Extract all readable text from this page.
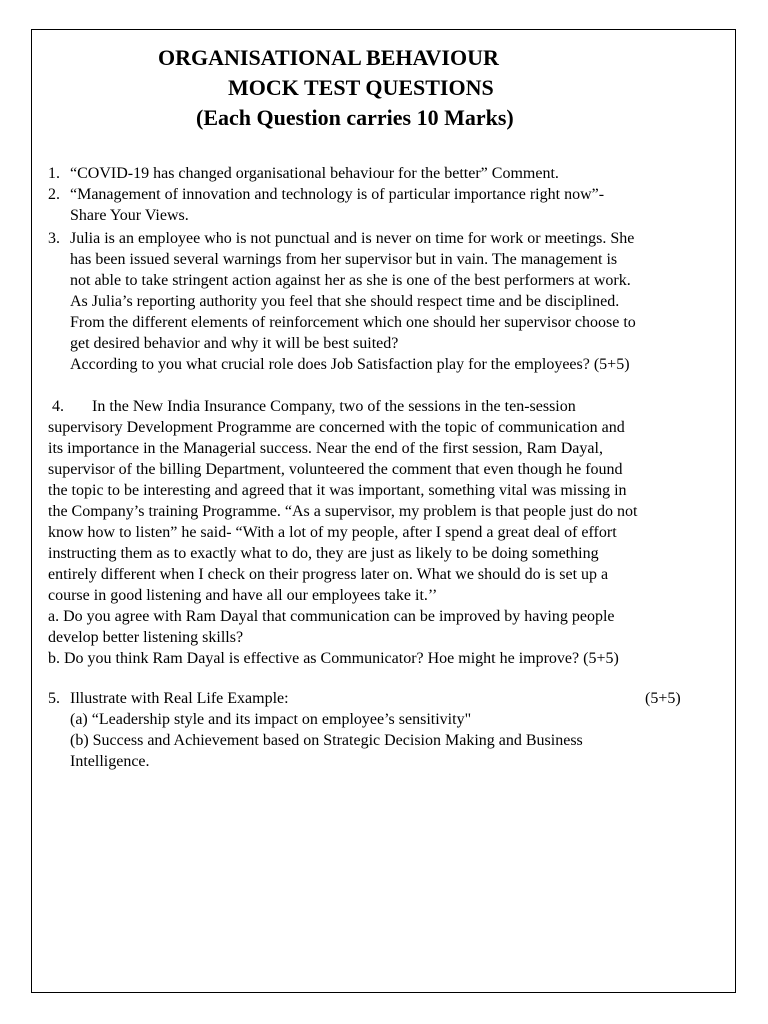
ORGANISATIONAL BEHAVIOUR
MOCK TEST QUESTIONS
(Each Question carries 10 Marks)
1. “COVID-19 has changed organisational behaviour for the better” Comment.
2. “Management of innovation and technology is of particular importance right now”-
Share Your Views.
3. Julia is an employee who is not punctual and is never on time for work or meetings. She
has been issued several warnings from her supervisor but in vain. The management is
not able to take stringent action against her as she is one of the best performers at work.
As Julia’s reporting authority you feel that she should respect time and be disciplined.
From the different elements of reinforcement which one should her supervisor choose to
get desired behavior and why it will be best suited?
According to you what crucial role does Job Satisfaction play for the employees? (5+5)
4. In the New India Insurance Company, two of the sessions in the ten-session
supervisory Development Programme are concerned with the topic of communication and
its importance in the Managerial success. Near the end of the first session, Ram Dayal,
supervisor of the billing Department, volunteered the comment that even though he found
the topic to be interesting and agreed that it was important, something vital was missing in
the Company’s training Programme. “As a supervisor, my problem is that people just do not
know how to listen” he said- “With a lot of my people, after I spend a great deal of effort
instructing them as to exactly what to do, they are just as likely to be doing something
entirely different when I check on their progress later on. What we should do is set up a
course in good listening and have all our employees take it.’’
a. Do you agree with Ram Dayal that communication can be improved by having people
develop better listening skills?
b. Do you think Ram Dayal is effective as Communicator? Hoe might he improve? (5+5)
5. Illustrate with Real Life Example:	(5+5)
(a) “Leadership style and its impact on employee’s sensitivity"
(b) Success and Achievement based on Strategic Decision Making and Business
Intelligence.
